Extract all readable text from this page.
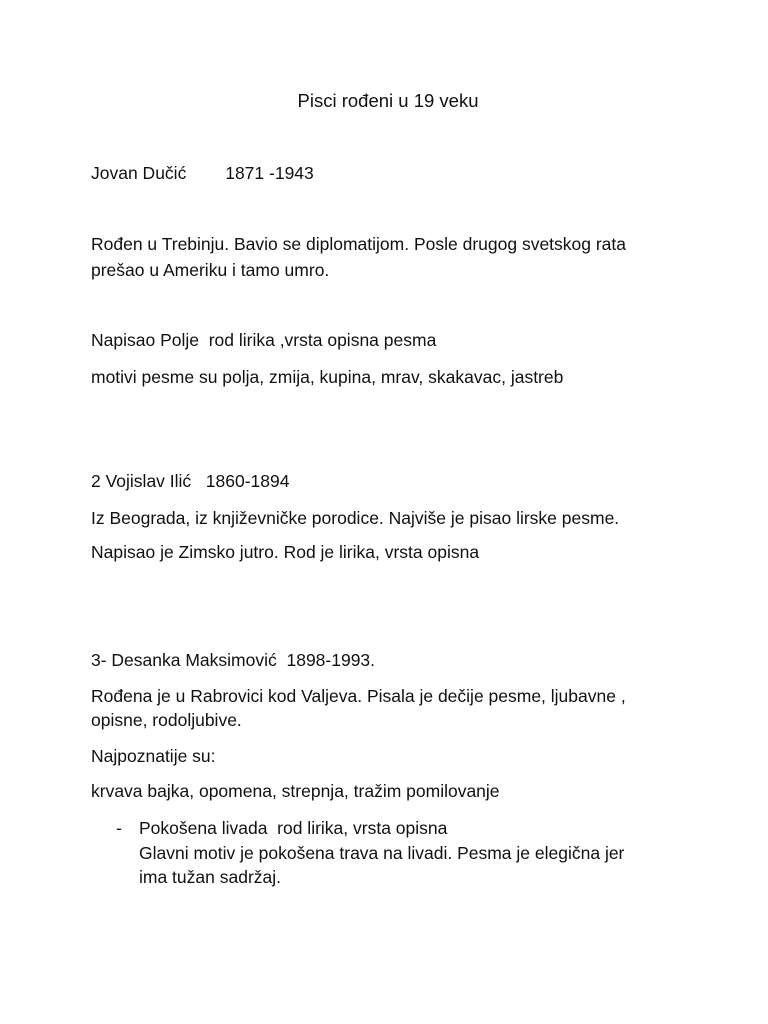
Pisci rođeni u 19 veku

Jovan Dučić        1871 -1943

Rođen u Trebinju. Bavio se diplomatijom. Posle drugog svetskog rata

prešao u Ameriku i tamo umro.

Napisao Polje  rod lirika ,vrsta opisna pesma

motivi pesme su polja, zmija, kupina, mrav, skakavac, jastreb

2 Vojislav Ilić   1860-1894

Iz Beograda, iz književničke porodice. Najviše je pisao lirske pesme.

Napisao je Zimsko jutro. Rod je lirika, vrsta opisna

3- Desanka Maksimović  1898-1993.

Rođena je u Rabrovici kod Valjeva. Pisala je dečije pesme, ljubavne ,

opisne, rodoljubive.

Najpoznatije su:

krvava bajka, opomena, strepnja, tražim pomilovanje

- Pokošena livada  rod lirika, vrsta opisna

Glavni motiv je pokošena trava na livadi. Pesma je elegična jer

ima tužan sadržaj.
